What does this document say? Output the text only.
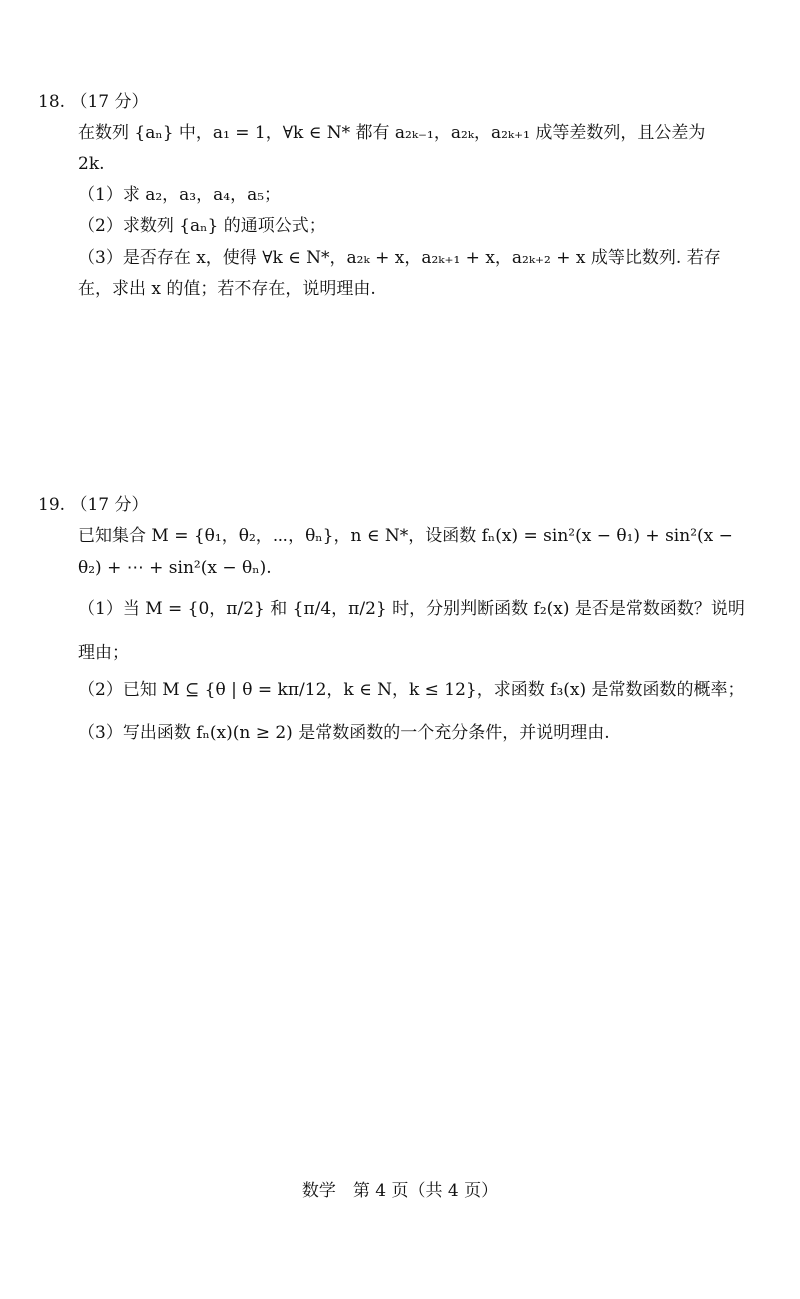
18. （17 分）
在数列 {aₙ} 中，a₁ = 1，∀k ∈ N* 都有 a₂ₖ₋₁，a₂ₖ，a₂ₖ₊₁ 成等差数列，且公差为
2k.
（1）求 a₂，a₃，a₄，a₅；
（2）求数列 {aₙ} 的通项公式；
（3）是否存在 x，使得 ∀k ∈ N*，a₂ₖ + x，a₂ₖ₊₁ + x，a₂ₖ₊₂ + x 成等比数列. 若存
在，求出 x 的值；若不存在，说明理由.
19. （17 分）
已知集合 M = {θ₁，θ₂，⋯，θₙ}，n ∈ N*，设函数 fₙ(x) = sin²(x − θ₁) + sin²(x −
θ₂) + ⋯ + sin²(x − θₙ).
（1）当 M = {0，π/2} 和 {π/4，π/2} 时，分别判断函数 f₂(x) 是否是常数函数？说明
理由；
（2）已知 M ⊆ {θ | θ = kπ/12，k ∈ N，k ≤ 12}，求函数 f₃(x) 是常数函数的概率；
（3）写出函数 fₙ(x)(n ≥ 2) 是常数函数的一个充分条件，并说明理由.
数学　第 4 页（共 4 页）
